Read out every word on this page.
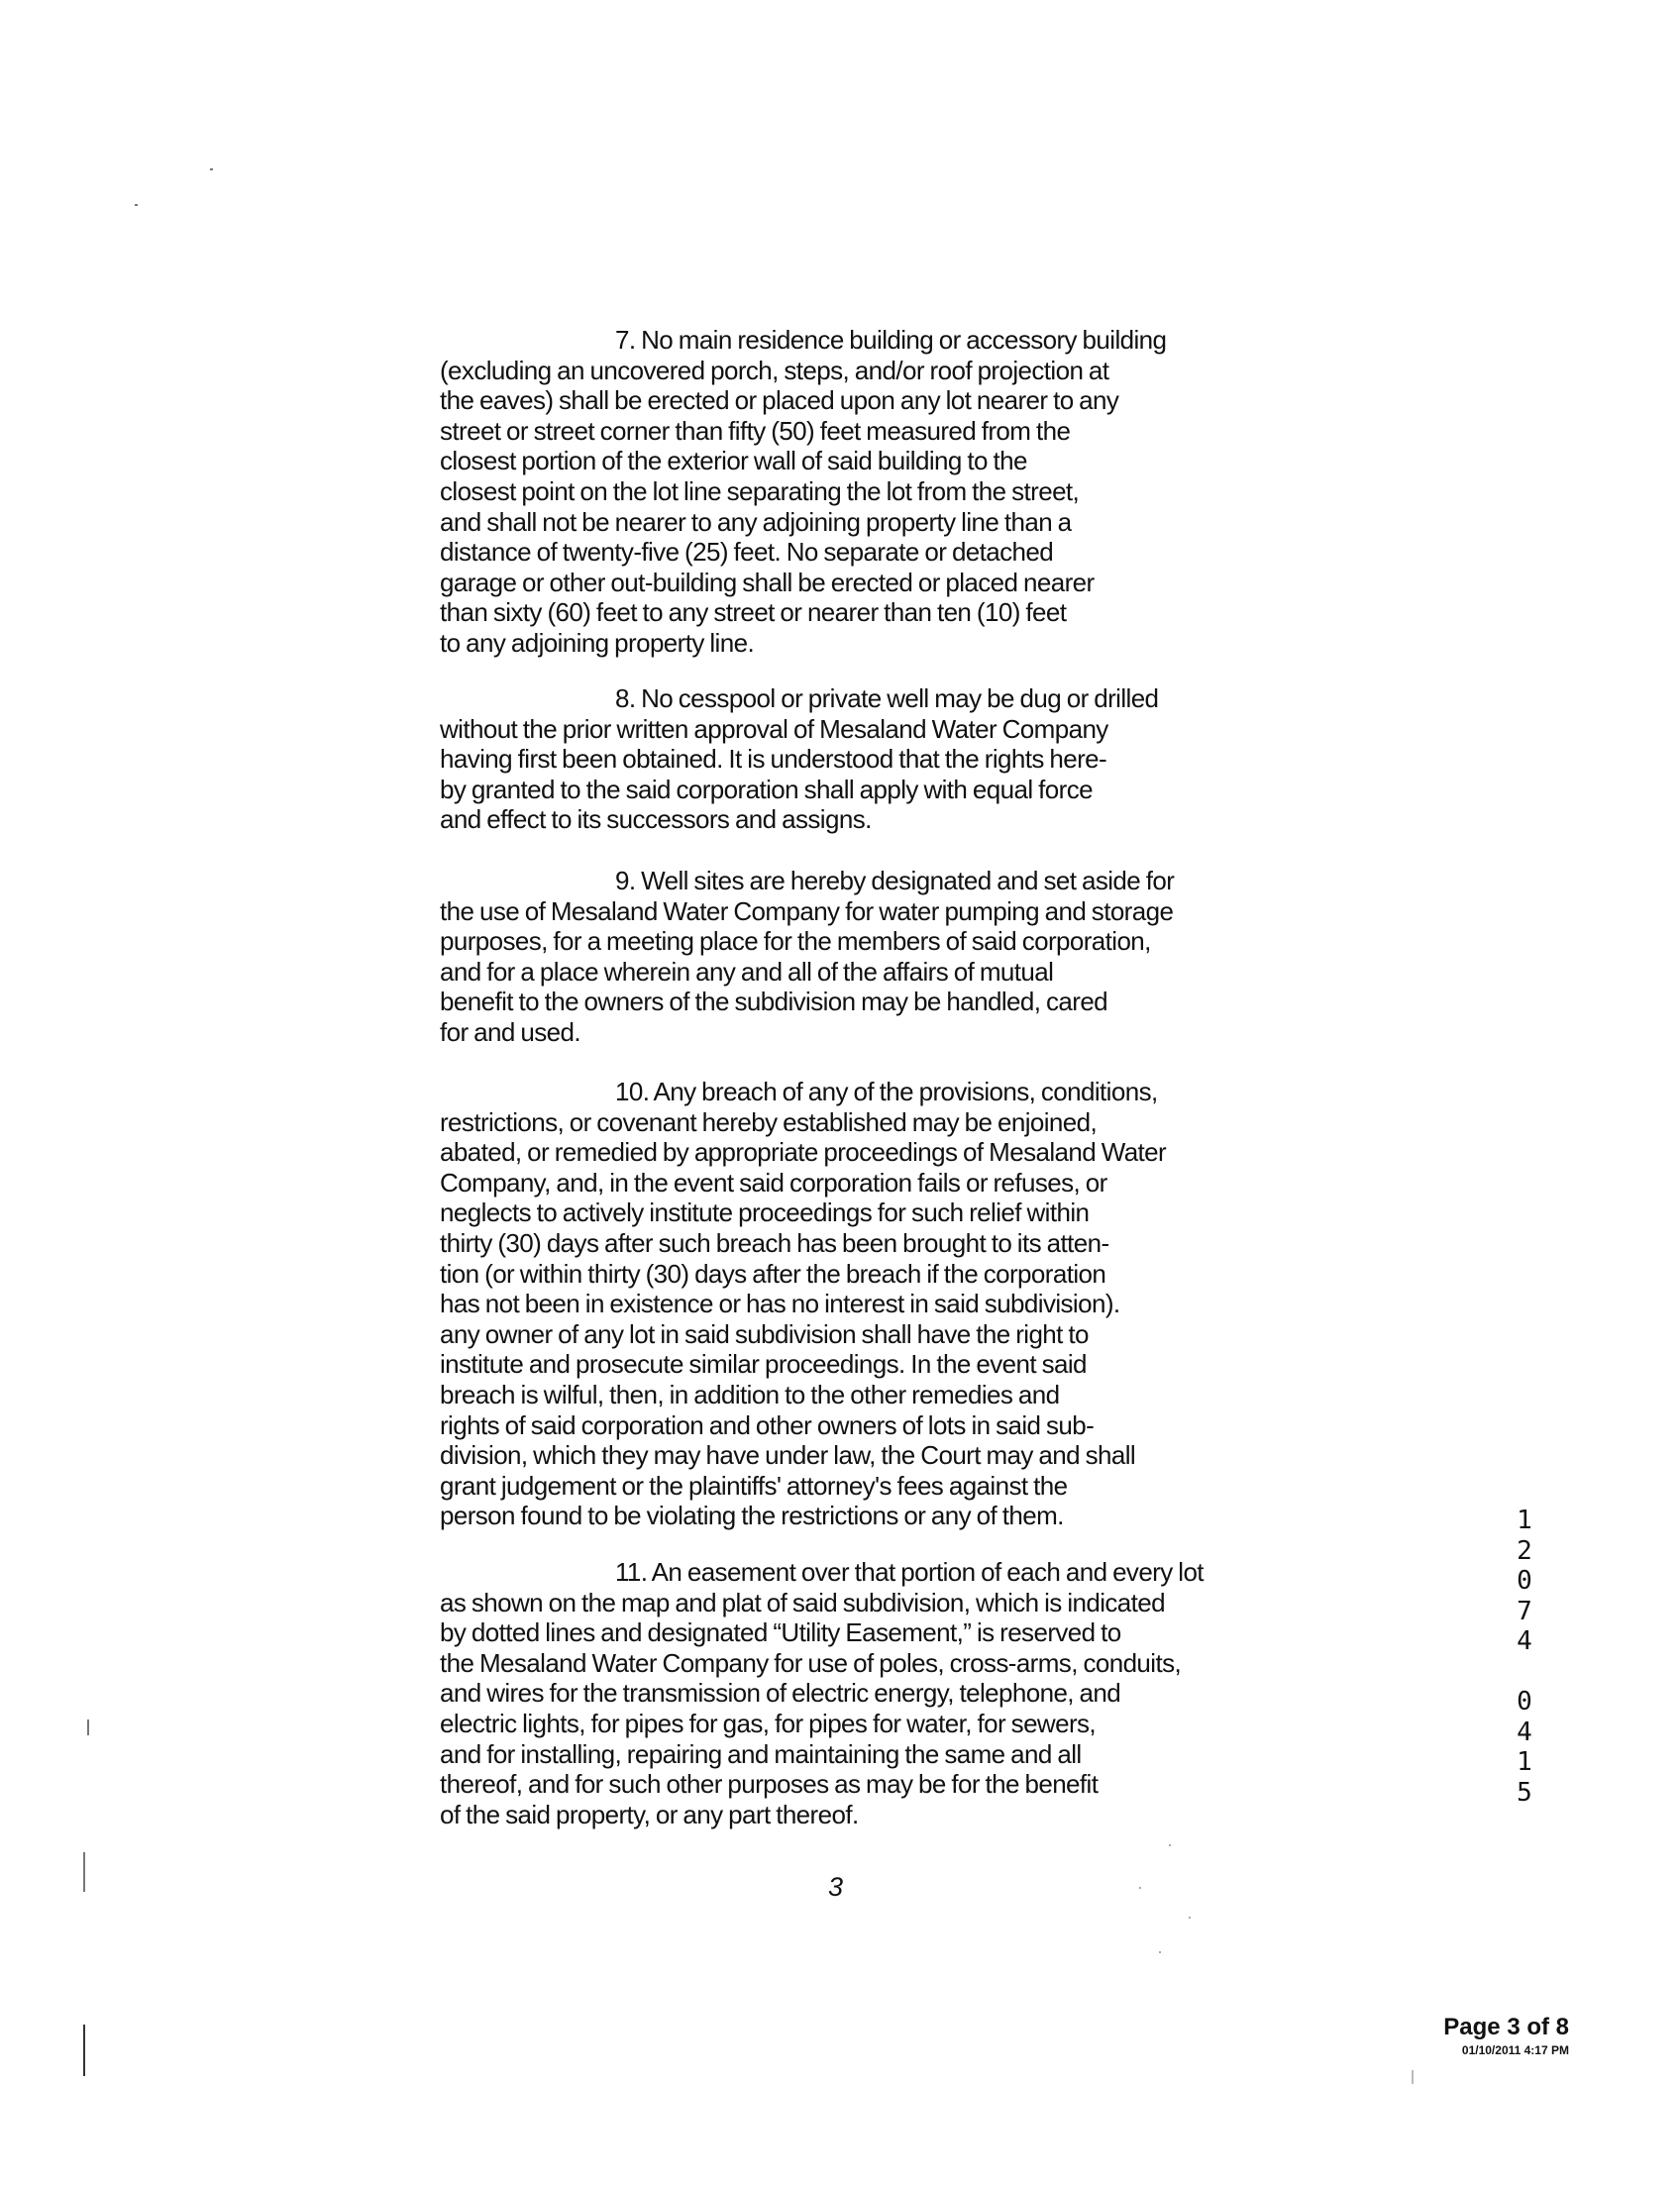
7. No main residence building or accessory building
(excluding an uncovered porch, steps, and/or roof projection at
the eaves) shall be erected or placed upon any lot nearer to any
street or street corner than fifty (50) feet measured from the
closest portion of the exterior wall of said building to the
closest point on the lot line separating the lot from the street,
and shall not be nearer to any adjoining property line than a
distance of twenty-five (25) feet. No separate or detached
garage or other out-building shall be erected or placed nearer
than sixty (60) feet to any street or nearer than ten (10) feet
to any adjoining property line.
8. No cesspool or private well may be dug or drilled
without the prior written approval of Mesaland Water Company
having first been obtained. It is understood that the rights here-
by granted to the said corporation shall apply with equal force
and effect to its successors and assigns.
9. Well sites are hereby designated and set aside for
the use of Mesaland Water Company for water pumping and storage
purposes, for a meeting place for the members of said corporation,
and for a place wherein any and all of the affairs of mutual
benefit to the owners of the subdivision may be handled, cared
for and used.
10. Any breach of any of the provisions, conditions,
restrictions, or covenant hereby established may be enjoined,
abated, or remedied by appropriate proceedings of Mesaland Water
Company, and, in the event said corporation fails or refuses, or
neglects to actively institute proceedings for such relief within
thirty (30) days after such breach has been brought to its atten-
tion (or within thirty (30) days after the breach if the corporation
has not been in existence or has no interest in said subdivision).
any owner of any lot in said subdivision shall have the right to
institute and prosecute similar proceedings. In the event said
breach is wilful, then, in addition to the other remedies and
rights of said corporation and other owners of lots in said sub-
division, which they may have under law, the Court may and shall
grant judgement or the plaintiffs' attorney's fees against the
person found to be violating the restrictions or any of them.
11. An easement over that portion of each and every lot
as shown on the map and plat of said subdivision, which is indicated
by dotted lines and designated “Utility Easement,” is reserved to
the Mesaland Water Company for use of poles, cross-arms, conduits,
and wires for the transmission of electric energy, telephone, and
electric lights, for pipes for gas, for pipes for water, for sewers,
and for installing, repairing and maintaining the same and all
thereof, and for such other purposes as may be for the benefit
of the said property, or any part thereof.
3
1
2
0
7
4
0
4
1
5
Page 3 of 8
01/10/2011 4:17 PM
